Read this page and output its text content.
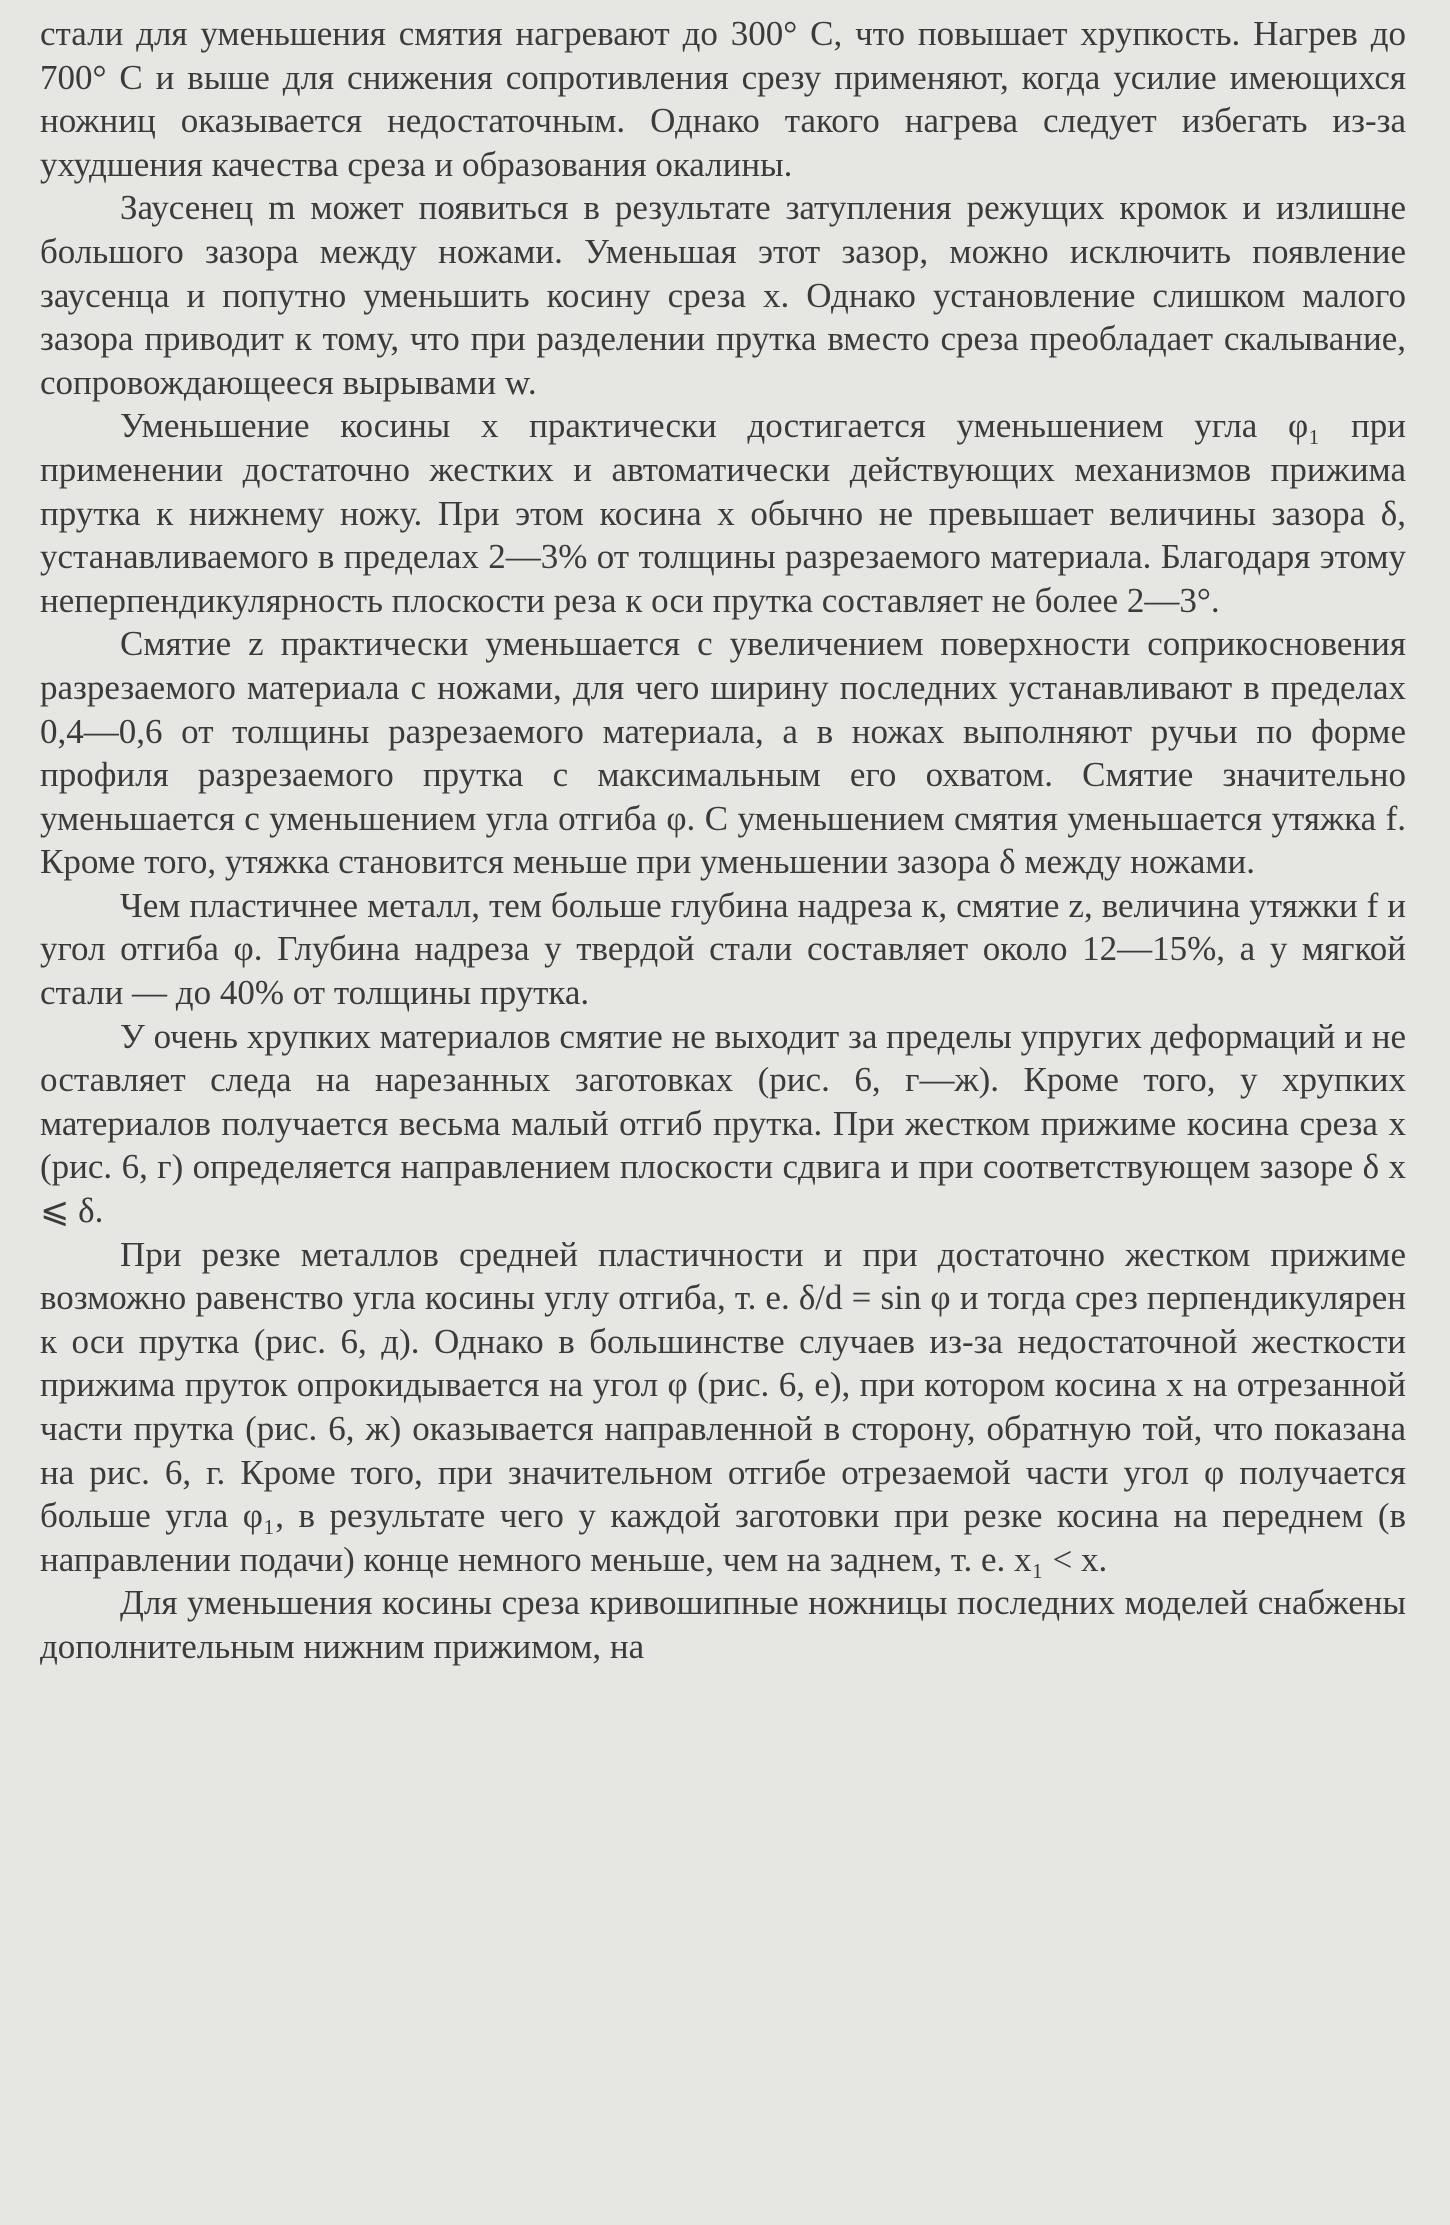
стали для уменьшения смятия нагревают до 300° С, что повышает хрупкость. Нагрев до 700° С и выше для снижения сопротивления срезу применяют, когда усилие имеющихся ножниц оказывается недостаточным. Однако такого нагрева следует избегать из-за ухудшения качества среза и образования окалины.

Заусенец m может появиться в результате затупления режущих кромок и излишне большого зазора между ножами. Уменьшая этот зазор, можно исключить появление заусенца и попутно уменьшить косину среза x. Однако установление слишком малого зазора приводит к тому, что при разделении прутка вместо среза преобладает скалывание, сопровождающееся вырывами w.

Уменьшение косины x практически достигается уменьшением угла φ₁ при применении достаточно жестких и автоматически действующих механизмов прижима прутка к нижнему ножу. При этом косина x обычно не превышает величины зазора δ, устанавливаемого в пределах 2—3% от толщины разрезаемого материала. Благодаря этому неперпендикулярность плоскости реза к оси прутка составляет не более 2—3°.

Смятие z практически уменьшается с увеличением поверхности соприкосновения разрезаемого материала с ножами, для чего ширину последних устанавливают в пределах 0,4—0,6 от толщины разрезаемого материала, а в ножах выполняют ручьи по форме профиля разрезаемого прутка с максимальным его охватом. Смятие значительно уменьшается с уменьшением угла отгиба φ. С уменьшением смятия уменьшается утяжка f. Кроме того, утяжка становится меньше при уменьшении зазора δ между ножами.

Чем пластичнее металл, тем больше глубина надреза к, смятие z, величина утяжки f и угол отгиба φ. Глубина надреза у твердой стали составляет около 12—15%, а у мягкой стали — до 40% от толщины прутка.

У очень хрупких материалов смятие не выходит за пределы упругих деформаций и не оставляет следа на нарезанных заготовках (рис. 6, г—ж). Кроме того, у хрупких материалов получается весьма малый отгиб прутка. При жестком прижиме косина среза x (рис. 6, г) определяется направлением плоскости сдвига и при соответствующем зазоре δ x ⩽ δ.

При резке металлов средней пластичности и при достаточно жестком прижиме возможно равенство угла косины углу отгиба, т. е. δ/d = sin φ и тогда срез перпендикулярен к оси прутка (рис. 6, д). Однако в большинстве случаев из-за недостаточной жесткости прижима пруток опрокидывается на угол φ (рис. 6, е), при котором косина x на отрезанной части прутка (рис. 6, ж) оказывается направленной в сторону, обратную той, что показана на рис. 6, г. Кроме того, при значительном отгибе отрезаемой части угол φ получается больше угла φ₁, в результате чего у каждой заготовки при резке косина на переднем (в направлении подачи) конце немного меньше, чем на заднем, т. е. x₁ < x.

Для уменьшения косины среза кривошипные ножницы последних моделей снабжены дополнительным нижним прижимом, на
